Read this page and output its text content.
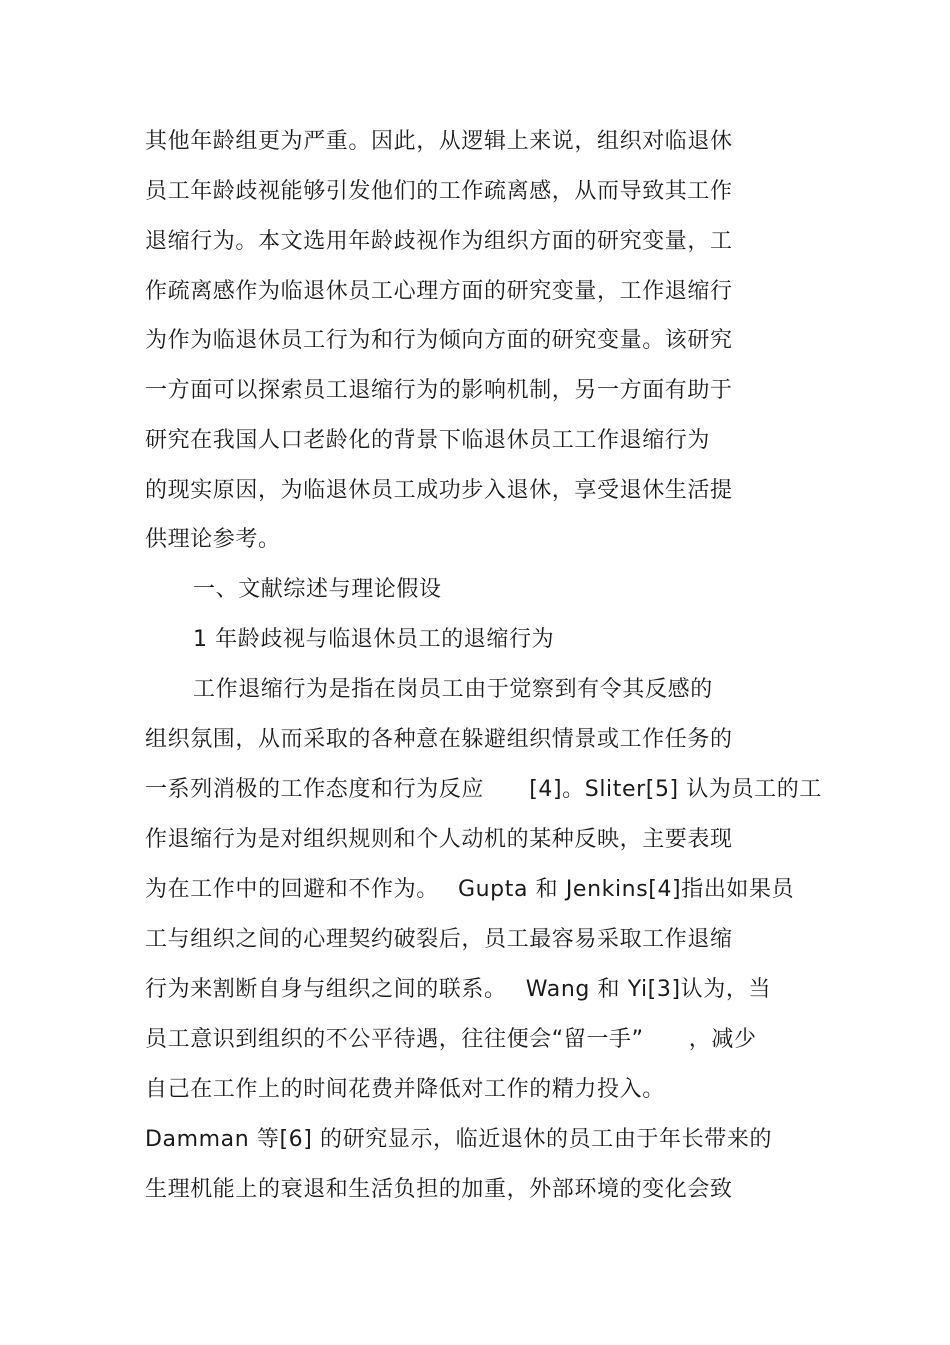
其他年龄组更为严重。因此，从逻辑上来说，组织对临退休
员工年龄歧视能够引发他们的工作疏离感，从而导致其工作
退缩行为。本文选用年龄歧视作为组织方面的研究变量，工
作疏离感作为临退休员工心理方面的研究变量，工作退缩行
为作为临退休员工行为和行为倾向方面的研究变量。该研究
一方面可以探索员工退缩行为的影响机制，另一方面有助于
研究在我国人口老龄化的背景下临退休员工工作退缩行为
的现实原因，为临退休员工成功步入退休，享受退休生活提
供理论参考。
一、文献综述与理论假设
1 年龄歧视与临退休员工的退缩行为
工作退缩行为是指在岗员工由于觉察到有令其反感的
组织氛围，从而采取的各种意在躲避组织情景或工作任务的
一系列消极的工作态度和行为反应　　[4]。Sliter[5] 认为员工的工
作退缩行为是对组织规则和个人动机的某种反映，主要表现
为在工作中的回避和不作为。　 Gupta 和 Jenkins[4]指出如果员
工与组织之间的心理契约破裂后，员工最容易采取工作退缩
行为来割断自身与组织之间的联系。　 Wang 和 Yi[3]认为，当
员工意识到组织的不公平待遇，往往便会“留一手”　　，减少
自己在工作上的时间花费并降低对工作的精力投入。
Damman 等[6] 的研究显示，临近退休的员工由于年长带来的
生理机能上的衰退和生活负担的加重，外部环境的变化会致
